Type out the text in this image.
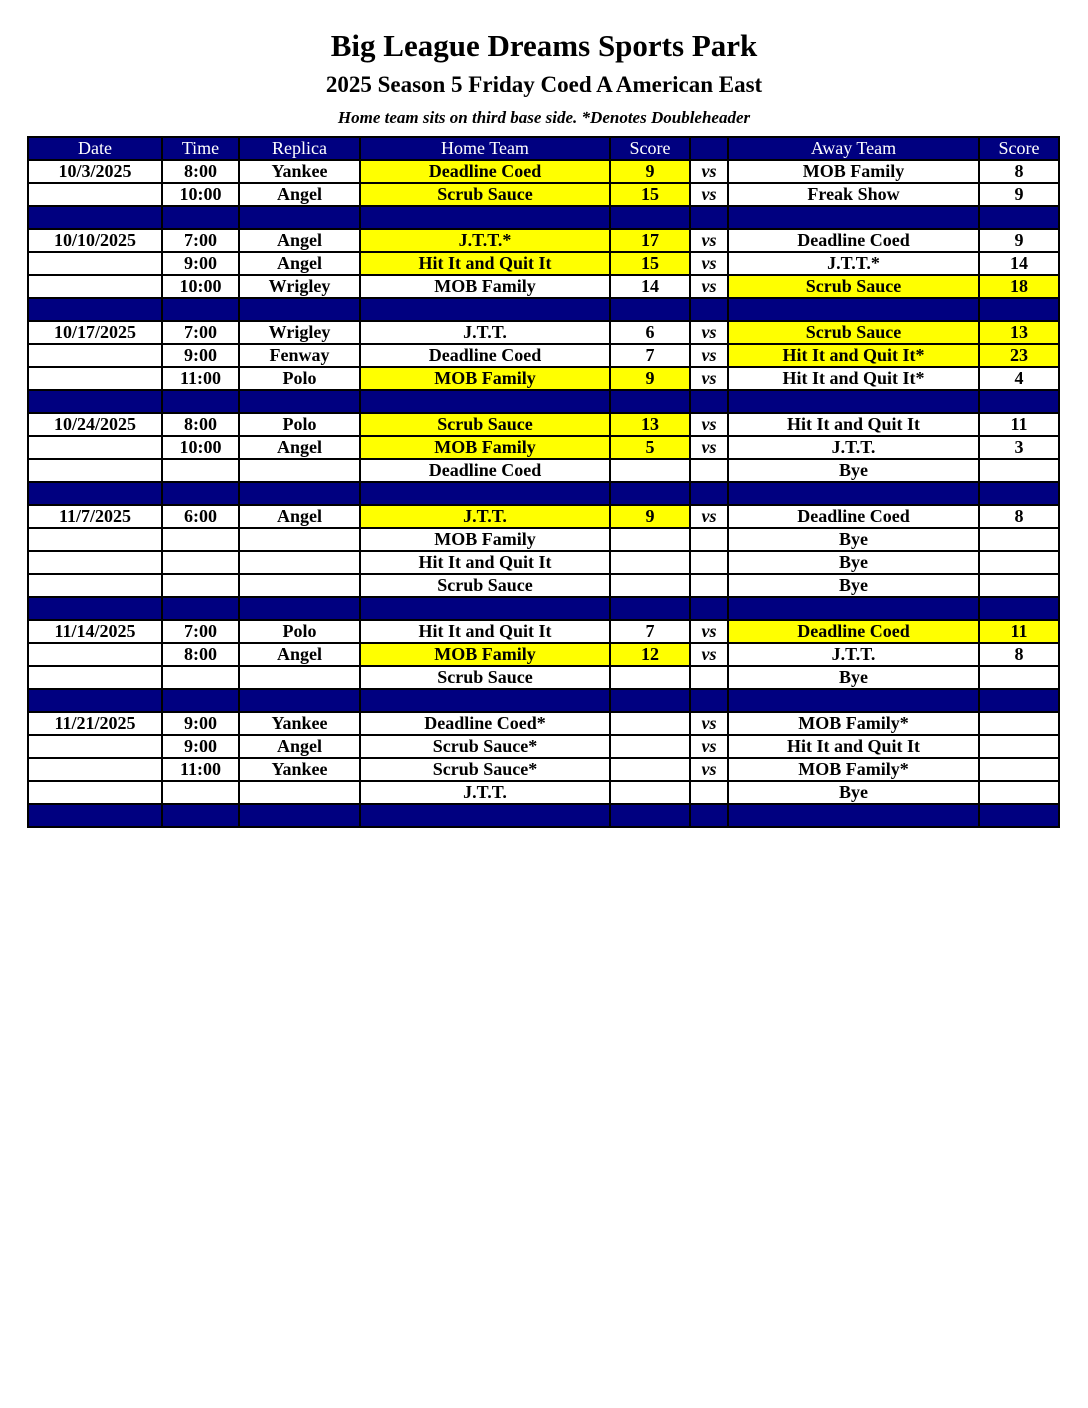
Big League Dreams Sports Park
2025 Season 5 Friday Coed A American East
Home team sits on third base side. *Denotes Doubleheader
Date	Time	Replica	Home Team	Score		Away Team	Score
10/3/2025	8:00	Yankee	Deadline Coed	9	vs	MOB Family	8
	10:00	Angel	Scrub Sauce	15	vs	Freak Show	9

10/10/2025	7:00	Angel	J.T.T.*	17	vs	Deadline Coed	9
	9:00	Angel	Hit It and Quit It	15	vs	J.T.T.*	14
	10:00	Wrigley	MOB Family	14	vs	Scrub Sauce	18

10/17/2025	7:00	Wrigley	J.T.T.	6	vs	Scrub Sauce	13
	9:00	Fenway	Deadline Coed	7	vs	Hit It and Quit It*	23
	11:00	Polo	MOB Family	9	vs	Hit It and Quit It*	4

10/24/2025	8:00	Polo	Scrub Sauce	13	vs	Hit It and Quit It	11
	10:00	Angel	MOB Family	5	vs	J.T.T.	3
			Deadline Coed			Bye	

11/7/2025	6:00	Angel	J.T.T.	9	vs	Deadline Coed	8
			MOB Family			Bye	
			Hit It and Quit It			Bye	
			Scrub Sauce			Bye	

11/14/2025	7:00	Polo	Hit It and Quit It	7	vs	Deadline Coed	11
	8:00	Angel	MOB Family	12	vs	J.T.T.	8
			Scrub Sauce			Bye	

11/21/2025	9:00	Yankee	Deadline Coed*		vs	MOB Family*	
	9:00	Angel	Scrub Sauce*		vs	Hit It and Quit It	
	11:00	Yankee	Scrub Sauce*		vs	MOB Family*	
			J.T.T.			Bye	
